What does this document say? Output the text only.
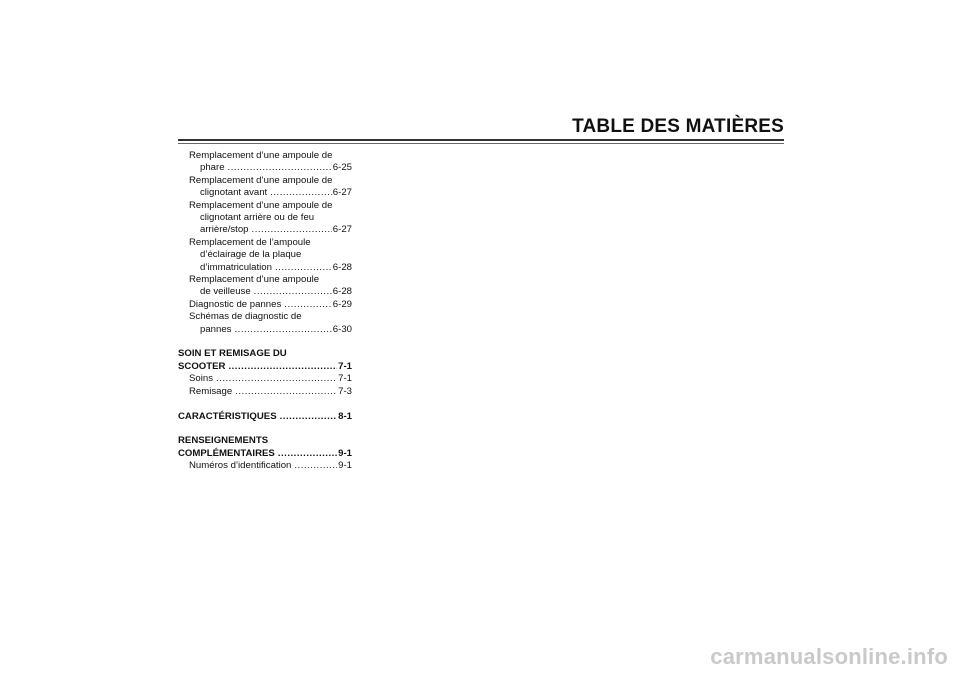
TABLE DES MATIÈRES
Remplacement d’une ampoule de
phare .....	6-25
Remplacement d’une ampoule de
clignotant avant .....	6-27
Remplacement d’une ampoule de
clignotant arrière ou de feu
arrière/stop .....	6-27
Remplacement de l’ampoule
d’éclairage de la plaque
d’immatriculation .....	6-28
Remplacement d’une ampoule
de veilleuse .....	6-28
Diagnostic de pannes .....	6-29
Schémas de diagnostic de
pannes .....	6-30
SOIN ET REMISAGE DU
SCOOTER .....	7-1
Soins .....	7-1
Remisage .....	7-3
CARACTÉRISTIQUES .....	8-1
RENSEIGNEMENTS
COMPLÉMENTAIRES .....	9-1
Numéros d’identification .....	9-1
carmanualsonline.info
